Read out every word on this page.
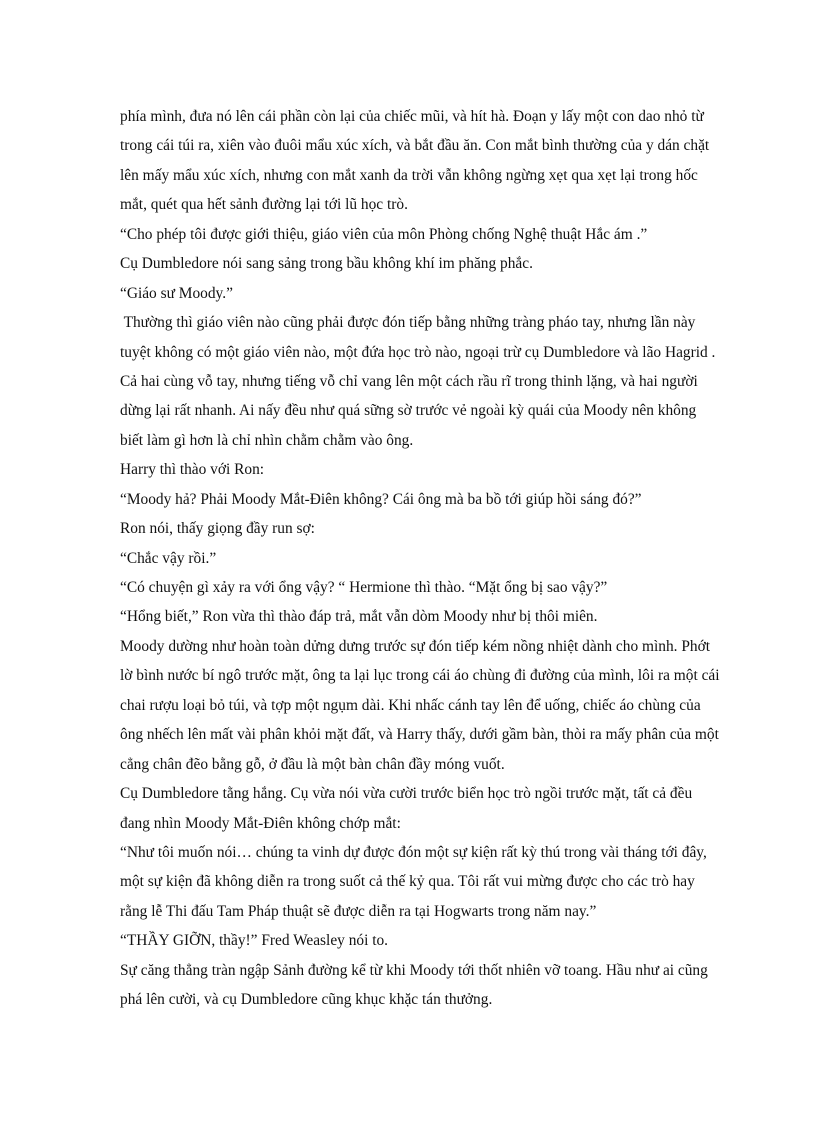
phía mình, đưa nó lên cái phần còn lại của chiếc mũi, và hít hà. Đoạn y lấy một con dao nhỏ từ
trong cái túi ra, xiên vào đuôi mẩu xúc xích, và bắt đầu ăn. Con mắt bình thường của y dán chặt
lên mấy mẩu xúc xích, nhưng con mắt xanh da trời vẫn không ngừng xẹt qua xẹt lại trong hốc
mắt, quét qua hết sảnh đường lại tới lũ học trò.
“Cho phép tôi được giới thiệu, giáo viên của môn Phòng chống Nghệ thuật Hắc ám .”
Cụ Dumbledore nói sang sảng trong bầu không khí im phăng phắc.
“Giáo sư Moody.”
Thường thì giáo viên nào cũng phải được đón tiếp bằng những tràng pháo tay, nhưng lần này
tuyệt không có một giáo viên nào, một đứa học trò nào, ngoại trừ cụ Dumbledore và lão Hagrid .
Cả hai cùng vỗ tay, nhưng tiếng vỗ chỉ vang lên một cách rầu rĩ trong thinh lặng, và hai người
dừng lại rất nhanh. Ai nấy đều như quá sững sờ trước vẻ ngoài kỳ quái của Moody nên không
biết làm gì hơn là chỉ nhìn chằm chằm vào ông.
Harry thì thào với Ron:
“Moody hả? Phải Moody Mắt-Điên không? Cái ông mà ba bồ tới giúp hồi sáng đó?”
Ron nói, thấy giọng đầy run sợ:
“Chắc vậy rồi.”
“Có chuyện gì xảy ra với ổng vậy? “ Hermione thì thào. “Mặt ổng bị sao vậy?”
“Hổng biết,” Ron vừa thì thào đáp trả, mắt vẫn dòm Moody như bị thôi miên.
Moody dường như hoàn toàn dửng dưng trước sự đón tiếp kém nồng nhiệt dành cho mình. Phớt
lờ bình nước bí ngô trước mặt, ông ta lại lục trong cái áo chùng đi đường của mình, lôi ra một cái
chai rượu loại bỏ túi, và tợp một ngụm dài. Khi nhấc cánh tay lên để uống, chiếc áo chùng của
ông nhếch lên mất vài phân khỏi mặt đất, và Harry thấy, dưới gầm bàn, thòi ra mấy phân của một
cẳng chân đẽo bằng gỗ, ở đầu là một bàn chân đầy móng vuốt.
Cụ Dumbledore tằng hắng. Cụ vừa nói vừa cười trước biển học trò ngồi trước mặt, tất cả đều
đang nhìn Moody Mắt-Điên không chớp mắt:
“Như tôi muốn nói… chúng ta vinh dự được đón một sự kiện rất kỳ thú trong vài tháng tới đây,
một sự kiện đã không diễn ra trong suốt cả thế kỷ qua. Tôi rất vui mừng được cho các trò hay
rằng lễ Thi đấu Tam Pháp thuật sẽ được diễn ra tại Hogwarts trong năm nay.”
“THẦY GIỠN, thầy!” Fred Weasley nói to.
Sự căng thẳng tràn ngập Sảnh đường kể từ khi Moody tới thốt nhiên vỡ toang. Hầu như ai cũng
phá lên cười, và cụ Dumbledore cũng khục khặc tán thưởng.
